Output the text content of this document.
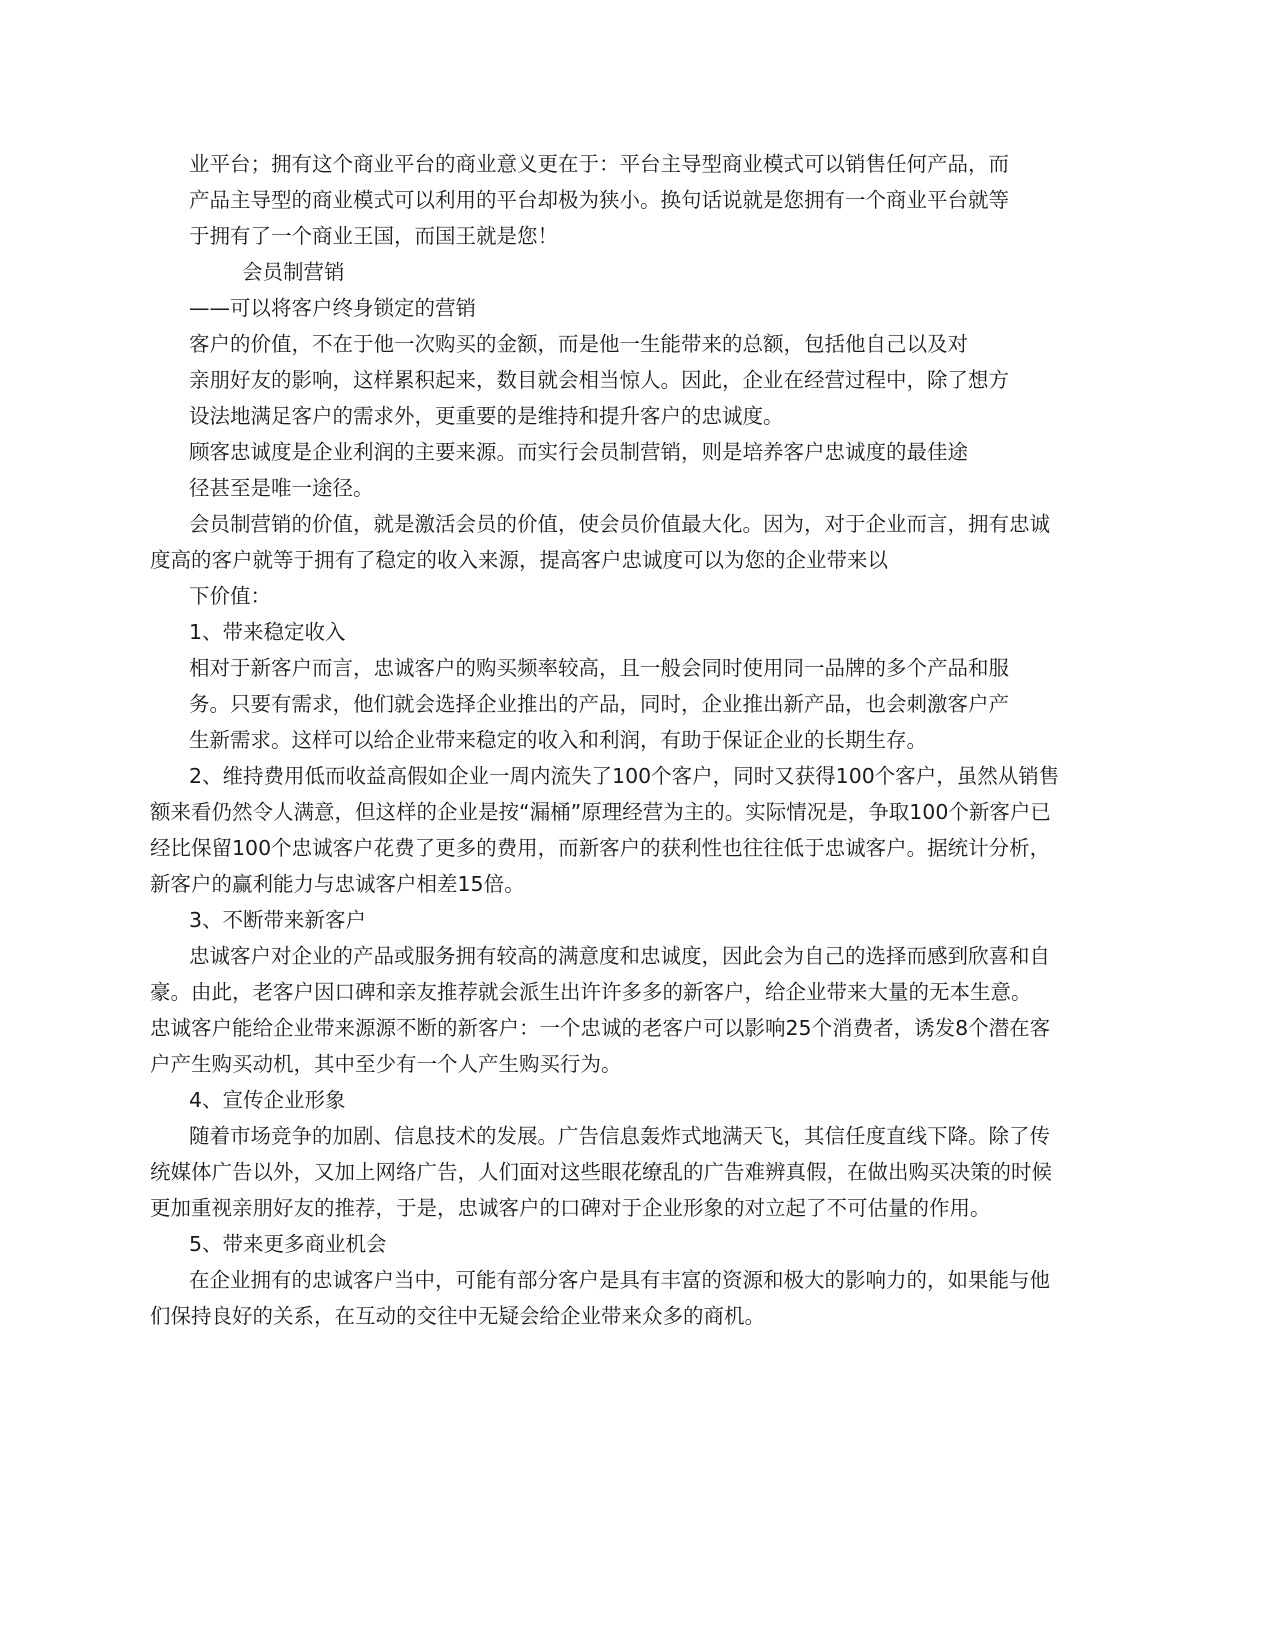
业平台；拥有这个商业平台的商业意义更在于：平台主导型商业模式可以销售任何产品，而

产品主导型的商业模式可以利用的平台却极为狭小。换句话说就是您拥有一个商业平台就等

于拥有了一个商业王国，而国王就是您！

会员制营销

——可以将客户终身锁定的营销

客户的价值，不在于他一次购买的金额，而是他一生能带来的总额，包括他自己以及对

亲朋好友的影响，这样累积起来，数目就会相当惊人。因此，企业在经营过程中，除了想方

设法地满足客户的需求外，更重要的是维持和提升客户的忠诚度。

顾客忠诚度是企业利润的主要来源。而实行会员制营销，则是培养客户忠诚度的最佳途

径甚至是唯一途径。

会员制营销的价值，就是激活会员的价值，使会员价值最大化。因为，对于企业而言，拥有忠诚

度高的客户就等于拥有了稳定的收入来源，提高客户忠诚度可以为您的企业带来以

下价值：

1、带来稳定收入

相对于新客户而言，忠诚客户的购买频率较高，且一般会同时使用同一品牌的多个产品和服

务。只要有需求，他们就会选择企业推出的产品，同时，企业推出新产品，也会刺激客户产

生新需求。这样可以给企业带来稳定的收入和利润，有助于保证企业的长期生存。

2、维持费用低而收益高假如企业一周内流失了100个客户，同时又获得100个客户，虽然从销售

额来看仍然令人满意，但这样的企业是按“漏桶”原理经营为主的。实际情况是，争取100个新客户已

经比保留100个忠诚客户花费了更多的费用，而新客户的获利性也往往低于忠诚客户。据统计分析，

新客户的赢利能力与忠诚客户相差15倍。

3、不断带来新客户

忠诚客户对企业的产品或服务拥有较高的满意度和忠诚度，因此会为自己的选择而感到欣喜和自

豪。由此，老客户因口碑和亲友推荐就会派生出许许多多的新客户，给企业带来大量的无本生意。

忠诚客户能给企业带来源源不断的新客户：一个忠诚的老客户可以影响25个消费者，诱发8个潜在客

户产生购买动机，其中至少有一个人产生购买行为。

4、宣传企业形象

随着市场竞争的加剧、信息技术的发展。广告信息轰炸式地满天飞，其信任度直线下降。除了传

统媒体广告以外，又加上网络广告，人们面对这些眼花缭乱的广告难辨真假，在做出购买决策的时候

更加重视亲朋好友的推荐，于是，忠诚客户的口碑对于企业形象的对立起了不可估量的作用。

5、带来更多商业机会

在企业拥有的忠诚客户当中，可能有部分客户是具有丰富的资源和极大的影响力的，如果能与他

们保持良好的关系，在互动的交往中无疑会给企业带来众多的商机。
